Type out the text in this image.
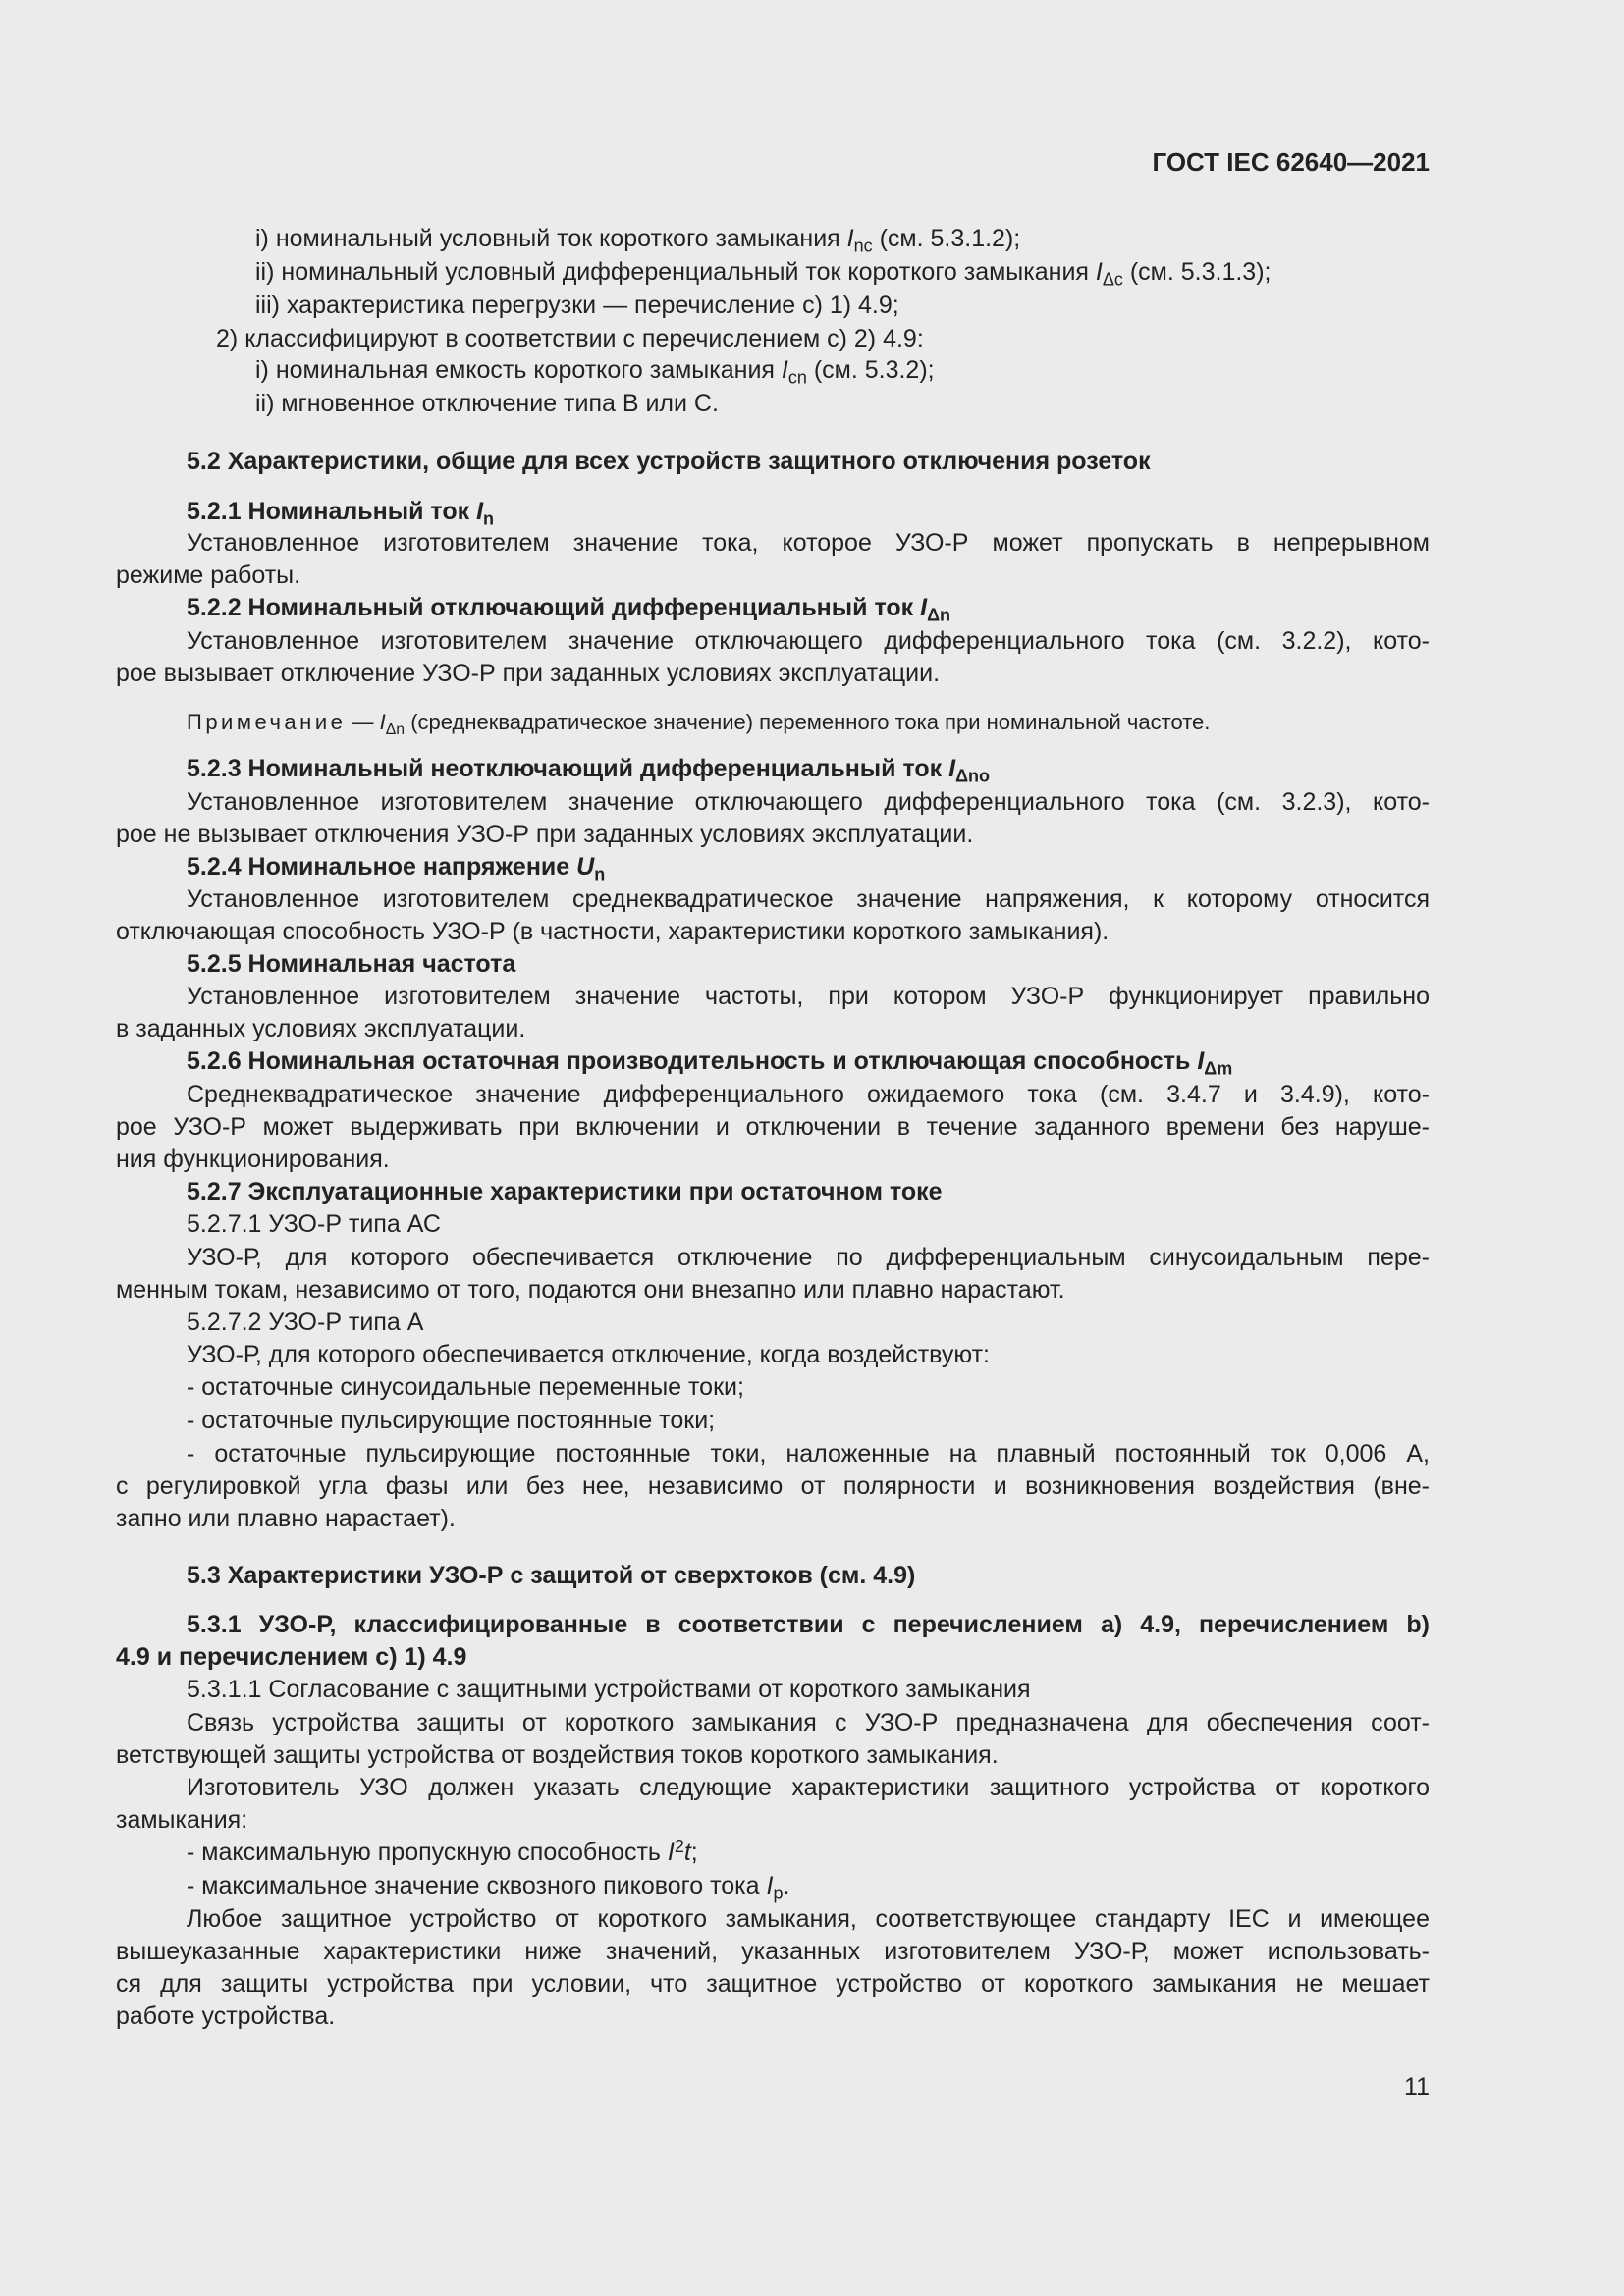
ГОСТ IEC 62640—2021
i) номинальный условный ток короткого замыкания $I_{nc}$ (см. 5.3.1.2);
ii) номинальный условный дифференциальный ток короткого замыкания $I_{\Delta c}$ (см. 5.3.1.3);
iii) характеристика перегрузки — перечисление с) 1) 4.9;
2) классифицируют в соответствии с перечислением с) 2) 4.9:
i) номинальная емкость короткого замыкания $I_{cn}$ (см. 5.3.2);
ii) мгновенное отключение типа В или С.
5.2 Характеристики, общие для всех устройств защитного отключения розеток
5.2.1 Номинальный ток $I_n$
Установленное изготовителем значение тока, которое УЗО-Р может пропускать в непрерывном
режиме работы.
5.2.2 Номинальный отключающий дифференциальный ток $I_{\Delta n}$
Установленное изготовителем значение отключающего дифференциального тока (см. 3.2.2), кото-
рое вызывает отключение УЗО-Р при заданных условиях эксплуатации.
Примечание — $I_{\Delta n}$ (среднеквадратическое значение) переменного тока при номинальной частоте.
5.2.3 Номинальный неотключающий дифференциальный ток $I_{\Delta no}$
Установленное изготовителем значение отключающего дифференциального тока (см. 3.2.3), кото-
рое не вызывает отключения УЗО-Р при заданных условиях эксплуатации.
5.2.4 Номинальное напряжение $U_n$
Установленное изготовителем среднеквадратическое значение напряжения, к которому относится
отключающая способность УЗО-Р (в частности, характеристики короткого замыкания).
5.2.5 Номинальная частота
Установленное изготовителем значение частоты, при котором УЗО-Р функционирует правильно
в заданных условиях эксплуатации.
5.2.6 Номинальная остаточная производительность и отключающая способность $I_{\Delta m}$
Среднеквадратическое значение дифференциального ожидаемого тока (см. 3.4.7 и 3.4.9), кото-
рое УЗО-Р может выдерживать при включении и отключении в течение заданного времени без наруше-
ния функционирования.
5.2.7 Эксплуатационные характеристики при остаточном токе
5.2.7.1 УЗО-Р типа АС
УЗО-Р, для которого обеспечивается отключение по дифференциальным синусоидальным пере-
менным токам, независимо от того, подаются они внезапно или плавно нарастают.
5.2.7.2 УЗО-Р типа А
УЗО-Р, для которого обеспечивается отключение, когда воздействуют:
- остаточные синусоидальные переменные токи;
- остаточные пульсирующие постоянные токи;
- остаточные пульсирующие постоянные токи, наложенные на плавный постоянный ток 0,006 А,
с регулировкой угла фазы или без нее, независимо от полярности и возникновения воздействия (вне-
запно или плавно нарастает).
5.3 Характеристики УЗО-Р с защитой от сверхтоков (см. 4.9)
5.3.1 УЗО-Р, классифицированные в соответствии с перечислением а) 4.9, перечислением b)
4.9 и перечислением с) 1) 4.9
5.3.1.1 Согласование с защитными устройствами от короткого замыкания
Связь устройства защиты от короткого замыкания с УЗО-Р предназначена для обеспечения соот-
ветствующей защиты устройства от воздействия токов короткого замыкания.
Изготовитель УЗО должен указать следующие характеристики защитного устройства от короткого
замыкания:
- максимальную пропускную способность $I^2t$;
- максимальное значение сквозного пикового тока $I_p$.
Любое защитное устройство от короткого замыкания, соответствующее стандарту IEC и имеющее
вышеуказанные характеристики ниже значений, указанных изготовителем УЗО-Р, может использовать-
ся для защиты устройства при условии, что защитное устройство от короткого замыкания не мешает
работе устройства.
11
